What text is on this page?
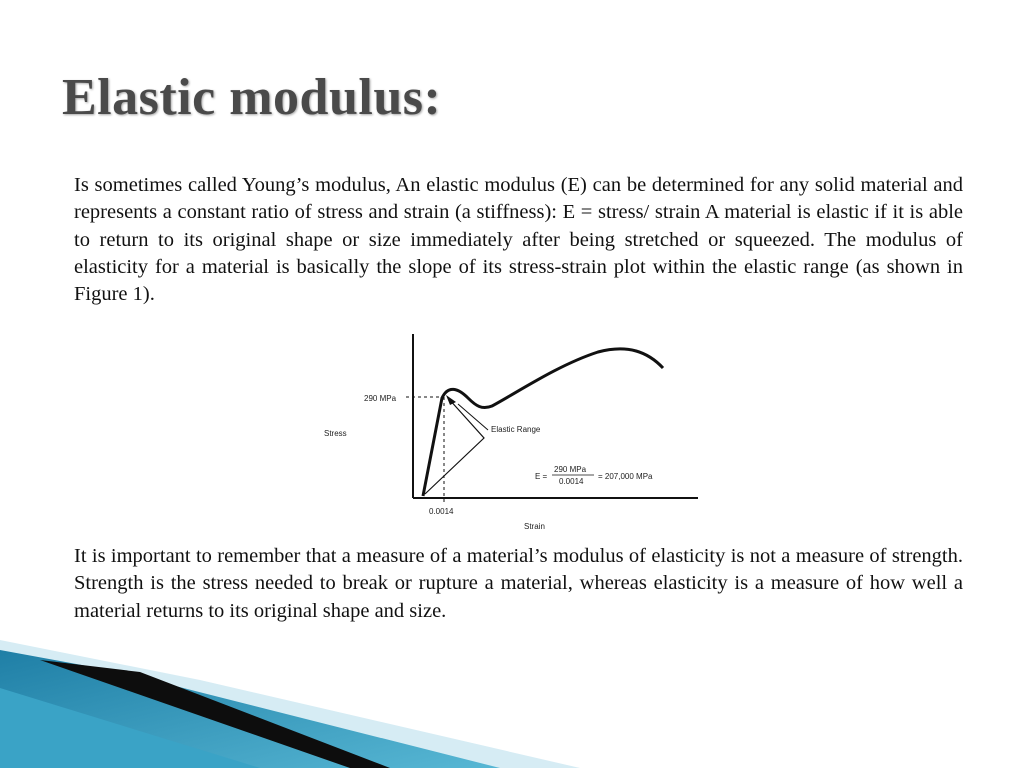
Elastic modulus:

Is sometimes called Young’s modulus, An elastic modulus (E) can be determined for any solid material and represents a constant ratio of stress and strain (a stiffness): E = stress/ strain A material is elastic if it is able to return to its original shape or size immediately after being stretched or squeezed. The modulus of elasticity for a material is basically the slope of its stress-strain plot within the elastic range (as shown in Figure 1).

290 MPa
Stress	Elastic Range
0.0014
Strain
E =
290 MPa
0.0014
= 207,000 MPa

It is important to remember that a measure of a material’s modulus of elasticity is not a measure of strength. Strength is the stress needed to break or rupture a material, whereas elasticity is a measure of how well a material returns to its original shape and size.
